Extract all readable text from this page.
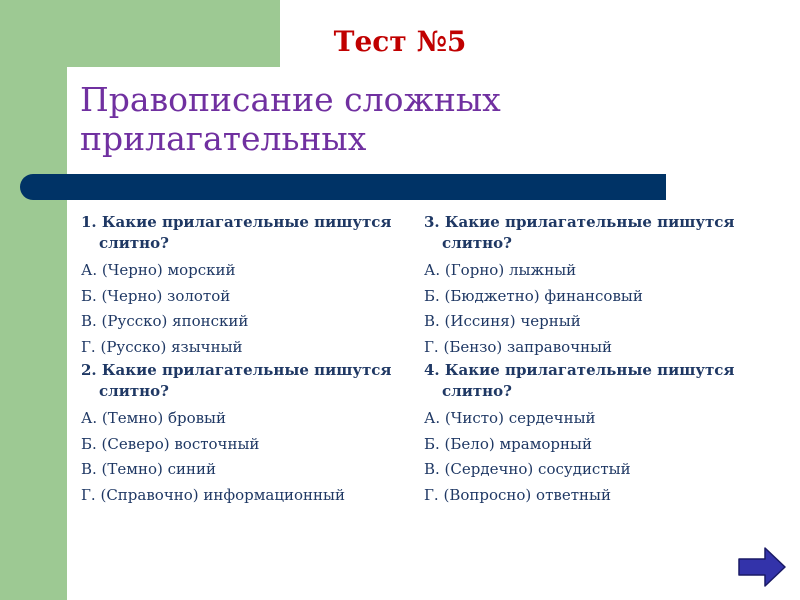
Тест №5
Правописание сложных
прилагательных

1. Какие прилагательные пишутся слитно?

А. (Черно) морский

Б. (Черно) золотой

В. (Русско) японский

Г. (Русско) язычный

2. Какие прилагательные пишутся слитно?

А. (Темно) бровый

Б. (Северо) восточный

В. (Темно) синий

Г. (Справочно) информационный

3. Какие прилагательные пишутся слитно?

А. (Горно) лыжный

Б. (Бюджетно) финансовый

В. (Иссиня) черный

Г. (Бензо) заправочный

4. Какие прилагательные пишутся слитно?

А. (Чисто) сердечный

Б. (Бело) мраморный

В. (Сердечно) сосудистый

Г. (Вопросно) ответный
